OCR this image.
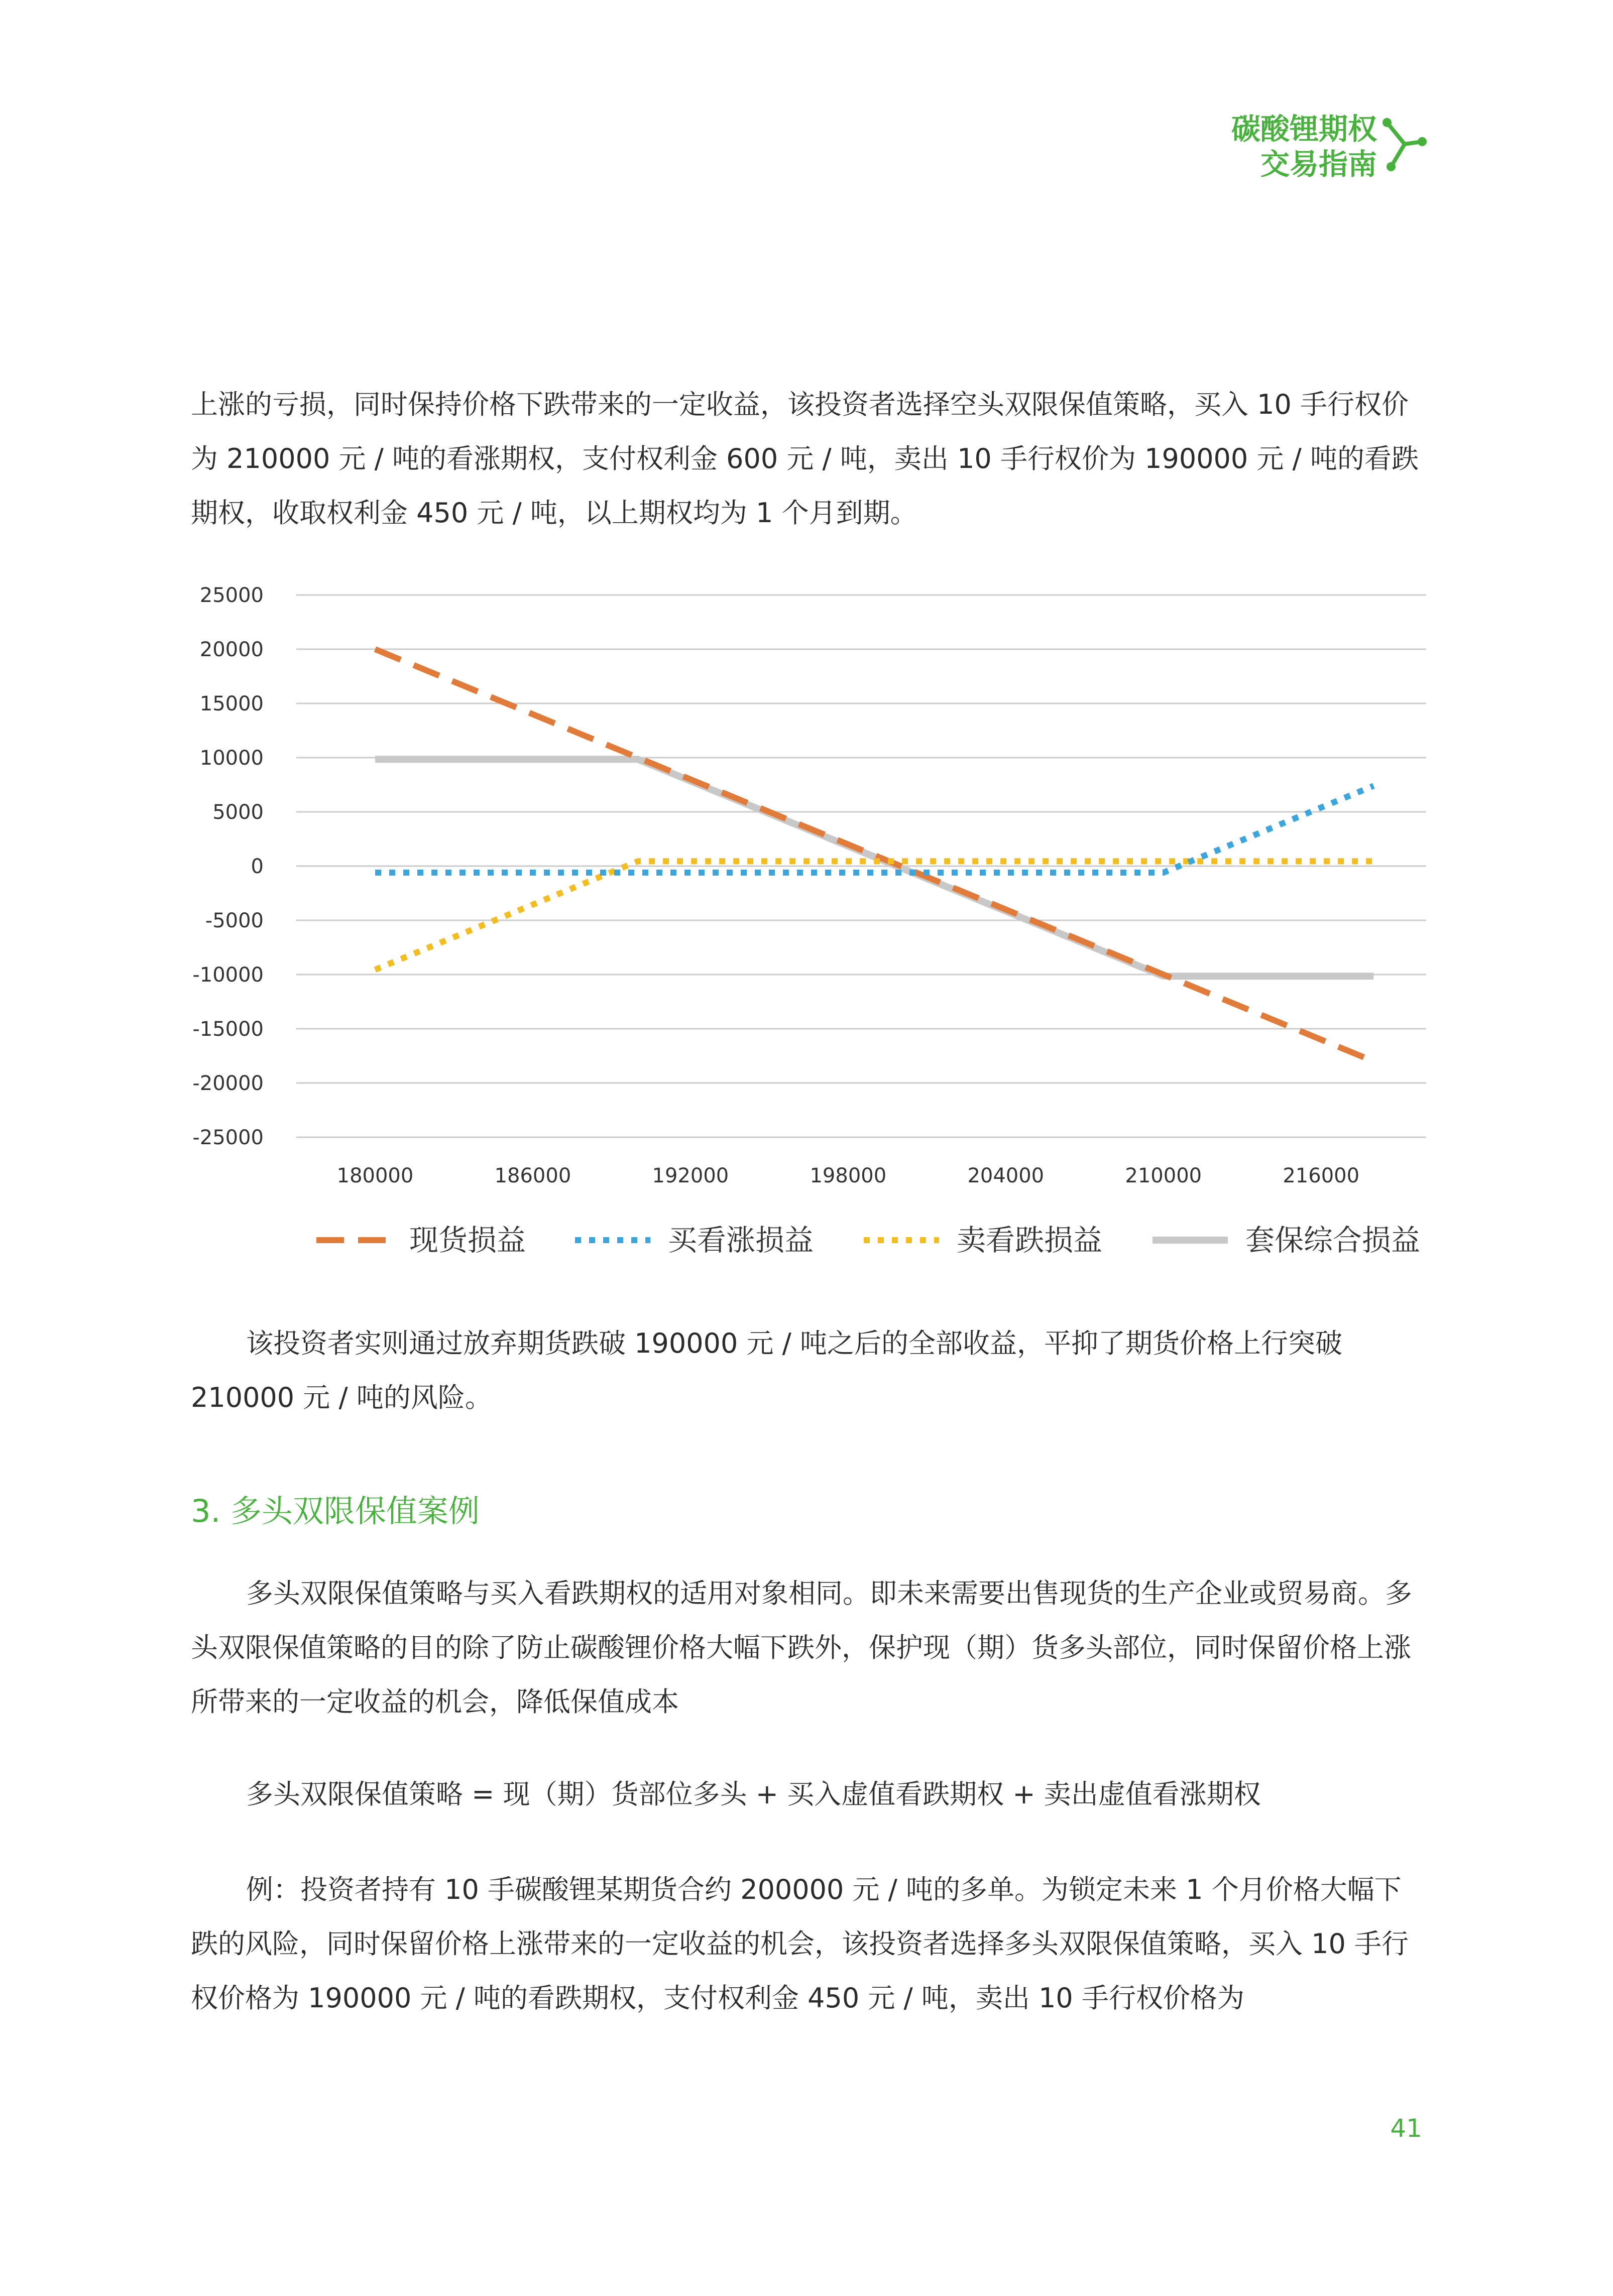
碳酸锂期权
交易指南

上涨的亏损，同时保持价格下跌带来的一定收益，该投资者选择空头双限保值策略，买入 10 手行权价为 210000 元 / 吨的看涨期权，支付权利金 600 元 / 吨，卖出 10 手行权价为 190000 元 / 吨的看跌期权，收取权利金 450 元 / 吨，以上期权均为 1 个月到期。

25000
20000
15000
10000
5000
0
-5000
-10000
-15000
-20000
-25000
180000	186000	192000	198000	204000	210000	216000
现货损益	买看涨损益	卖看跌损益	套保综合损益

该投资者实则通过放弃期货跌破 190000 元 / 吨之后的全部收益，平抑了期货价格上行突破 210000 元 / 吨的风险。

3. 多头双限保值案例

多头双限保值策略与买入看跌期权的适用对象相同。即未来需要出售现货的生产企业或贸易商。多头双限保值策略的目的除了防止碳酸锂价格大幅下跌外，保护现（期）货多头部位，同时保留价格上涨所带来的一定收益的机会，降低保值成本

多头双限保值策略 = 现（期）货部位多头 + 买入虚值看跌期权 + 卖出虚值看涨期权

例：投资者持有 10 手碳酸锂某期货合约 200000 元 / 吨的多单。为锁定未来 1 个月价格大幅下跌的风险，同时保留价格上涨带来的一定收益的机会，该投资者选择多头双限保值策略，买入 10 手行权价格为 190000 元 / 吨的看跌期权，支付权利金 450 元 / 吨，卖出 10 手行权价格为

41
